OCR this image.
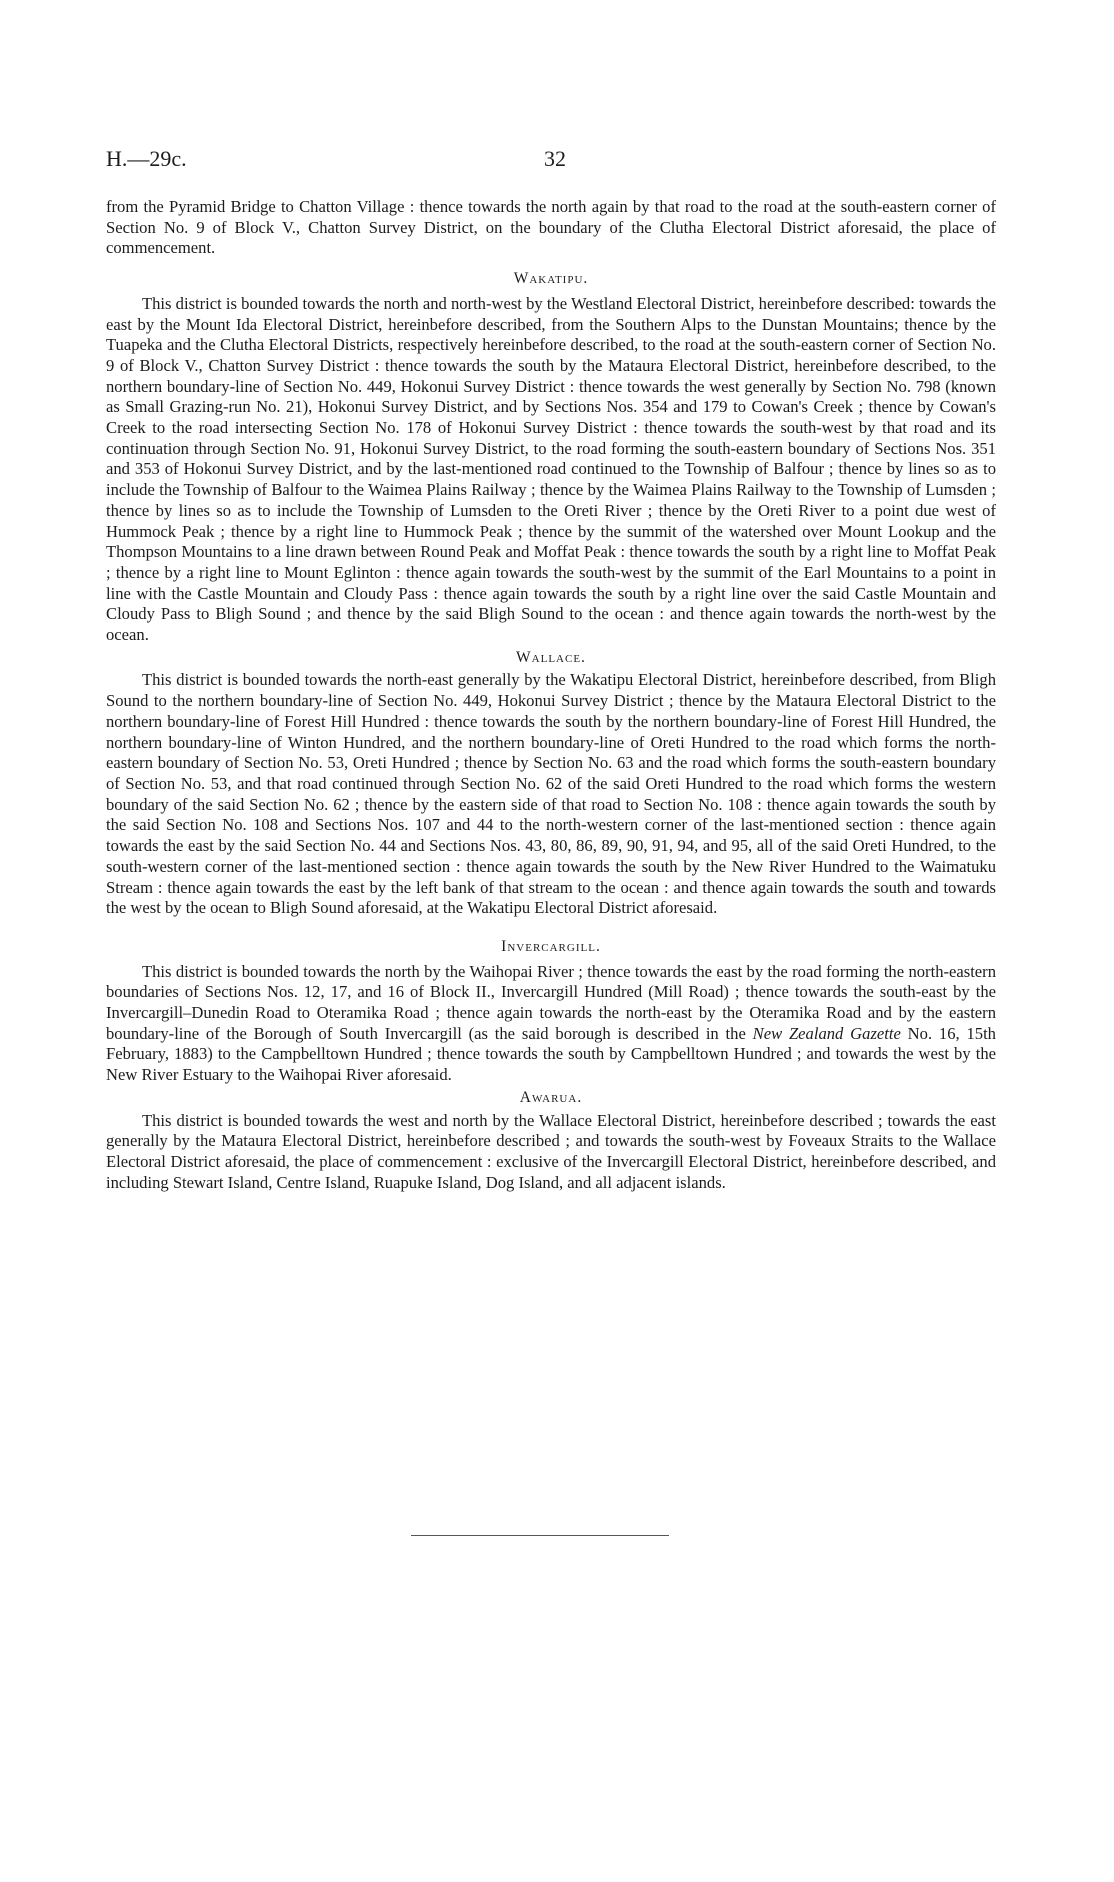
H.—29c.	32

from the Pyramid Bridge to Chatton Village : thence towards the north again by that road to the road at the south-eastern corner of Section No. 9 of Block V., Chatton Survey District, on the boundary of the Clutha Electoral District aforesaid, the place of commencement.

Wakatipu.

This district is bounded towards the north and north-west by the Westland Electoral District, hereinbefore described: towards the east by the Mount Ida Electoral District, hereinbefore described, from the Southern Alps to the Dunstan Mountains; thence by the Tuapeka and the Clutha Electoral Districts, respectively hereinbefore described, to the road at the south-eastern corner of Section No. 9 of Block V., Chatton Survey District : thence towards the south by the Mataura Electoral District, hereinbefore described, to the northern boundary-line of Section No. 449, Hokonui Survey District : thence towards the west generally by Section No. 798 (known as Small Grazing-run No. 21), Hokonui Survey District, and by Sections Nos. 354 and 179 to Cowan's Creek ; thence by Cowan's Creek to the road intersecting Section No. 178 of Hokonui Survey District : thence towards the south-west by that road and its continuation through Section No. 91, Hokonui Survey District, to the road forming the south-eastern boundary of Sections Nos. 351 and 353 of Hokonui Survey District, and by the last-mentioned road continued to the Township of Balfour ; thence by lines so as to include the Township of Balfour to the Waimea Plains Railway ; thence by the Waimea Plains Railway to the Township of Lumsden ; thence by lines so as to include the Township of Lumsden to the Oreti River ; thence by the Oreti River to a point due west of Hummock Peak ; thence by a right line to Hummock Peak ; thence by the summit of the watershed over Mount Lookup and the Thompson Mountains to a line drawn between Round Peak and Moffat Peak : thence towards the south by a right line to Moffat Peak ; thence by a right line to Mount Eglinton : thence again towards the south-west by the summit of the Earl Mountains to a point in line with the Castle Mountain and Cloudy Pass : thence again towards the south by a right line over the said Castle Mountain and Cloudy Pass to Bligh Sound ; and thence by the said Bligh Sound to the ocean : and thence again towards the north-west by the ocean.

Wallace.

This district is bounded towards the north-east generally by the Wakatipu Electoral District, hereinbefore described, from Bligh Sound to the northern boundary-line of Section No. 449, Hokonui Survey District ; thence by the Mataura Electoral District to the northern boundary-line of Forest Hill Hundred : thence towards the south by the northern boundary-line of Forest Hill Hundred, the northern boundary-line of Winton Hundred, and the northern boundary-line of Oreti Hundred to the road which forms the north-eastern boundary of Section No. 53, Oreti Hundred ; thence by Section No. 63 and the road which forms the south-eastern boundary of Section No. 53, and that road continued through Section No. 62 of the said Oreti Hundred to the road which forms the western boundary of the said Section No. 62 ; thence by the eastern side of that road to Section No. 108 : thence again towards the south by the said Section No. 108 and Sections Nos. 107 and 44 to the north-western corner of the last-mentioned section : thence again towards the east by the said Section No. 44 and Sections Nos. 43, 80, 86, 89, 90, 91, 94, and 95, all of the said Oreti Hundred, to the south-western corner of the last-mentioned section : thence again towards the south by the New River Hundred to the Waimatuku Stream : thence again towards the east by the left bank of that stream to the ocean : and thence again towards the south and towards the west by the ocean to Bligh Sound aforesaid, at the Wakatipu Electoral District aforesaid.

Invercargill.

This district is bounded towards the north by the Waihopai River ; thence towards the east by the road forming the north-eastern boundaries of Sections Nos. 12, 17, and 16 of Block II., Invercargill Hundred (Mill Road) ; thence towards the south-east by the Invercargill–Dunedin Road to Oteramika Road ; thence again towards the north-east by the Oteramika Road and by the eastern boundary-line of the Borough of South Invercargill (as the said borough is described in the New Zealand Gazette No. 16, 15th February, 1883) to the Campbelltown Hundred ; thence towards the south by Campbelltown Hundred ; and towards the west by the New River Estuary to the Waihopai River aforesaid.

Awarua.

This district is bounded towards the west and north by the Wallace Electoral District, hereinbefore described ; towards the east generally by the Mataura Electoral District, hereinbefore described ; and towards the south-west by Foveaux Straits to the Wallace Electoral District aforesaid, the place of commencement : exclusive of the Invercargill Electoral District, hereinbefore described, and including Stewart Island, Centre Island, Ruapuke Island, Dog Island, and all adjacent islands.
